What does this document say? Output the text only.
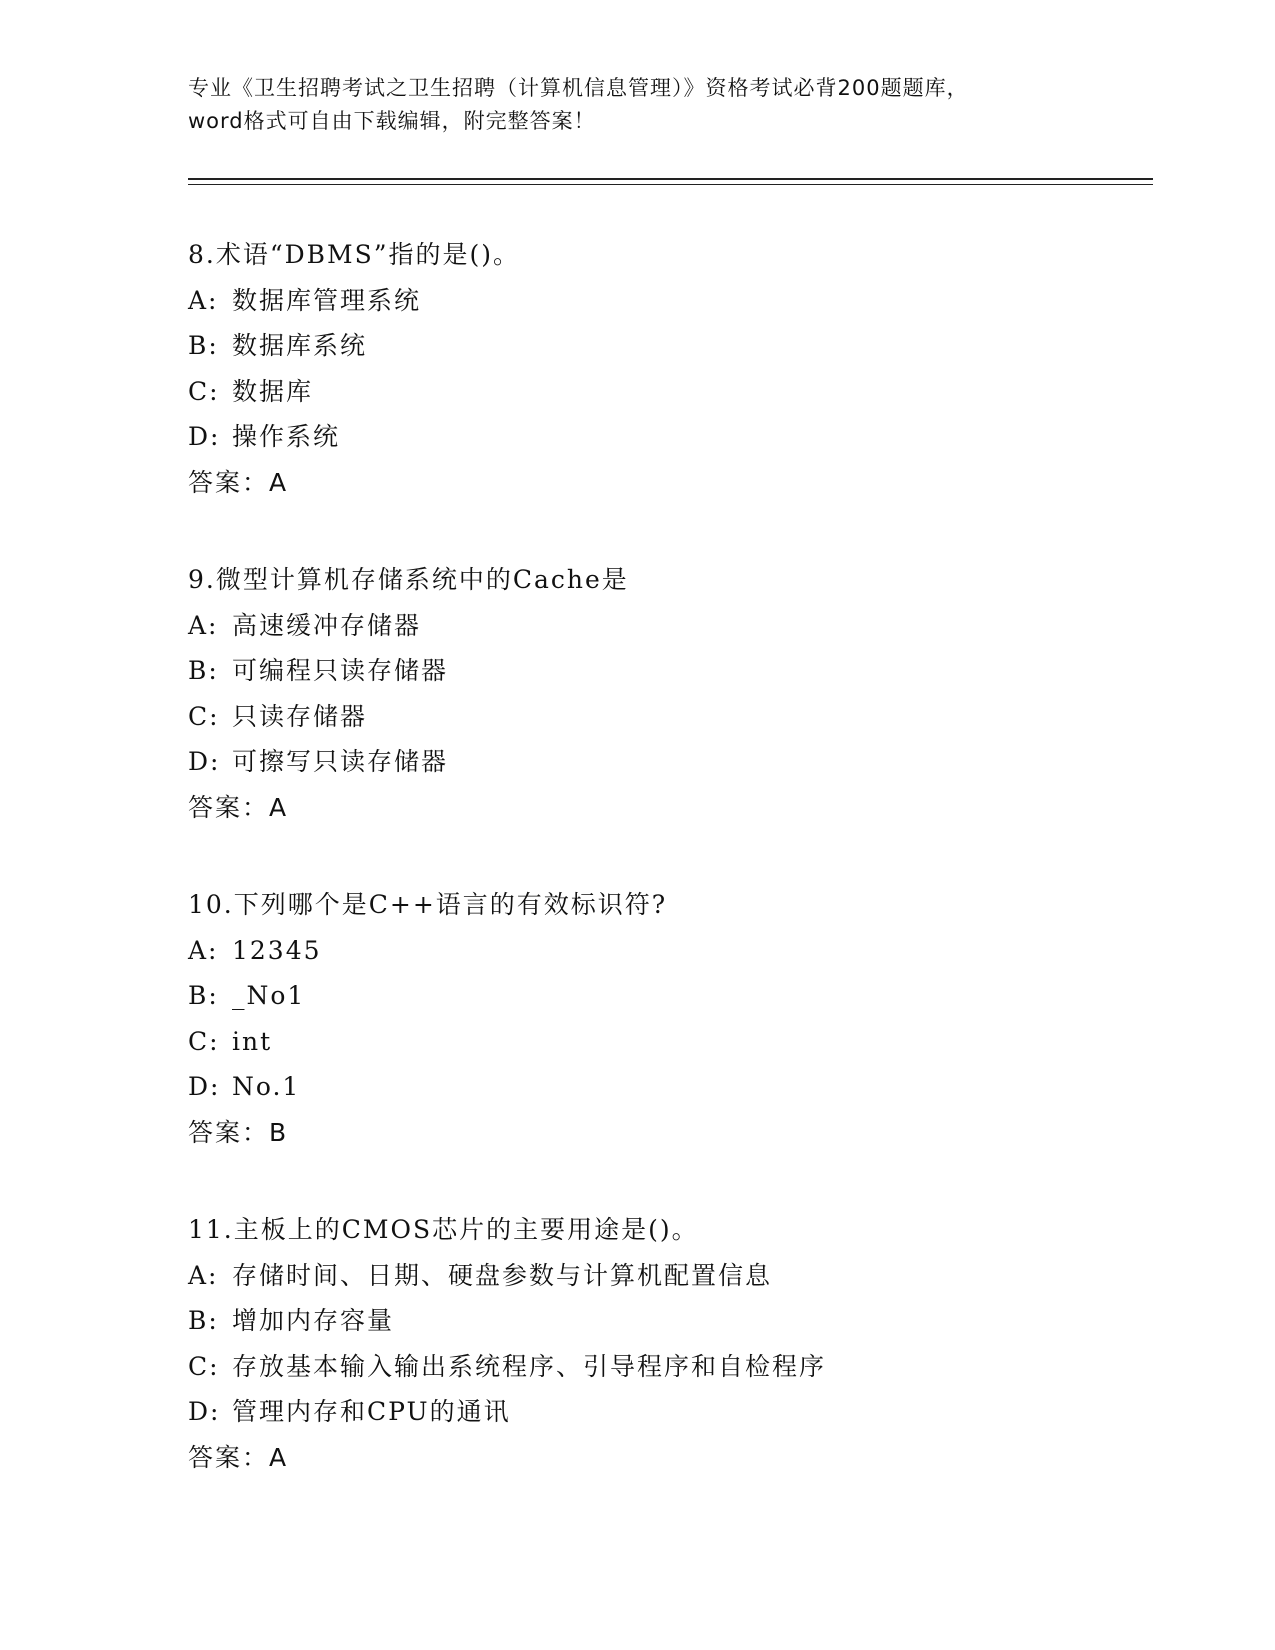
专业《卫生招聘考试之卫生招聘（计算机信息管理）》资格考试必背200题题库，
word格式可自由下载编辑，附完整答案！
8.术语“DBMS”指的是()。
A: 数据库管理系统
B: 数据库系统
C: 数据库
D: 操作系统
答案：A
9.微型计算机存储系统中的Cache是
A: 高速缓冲存储器
B: 可编程只读存储器
C: 只读存储器
D: 可擦写只读存储器
答案：A
10.下列哪个是C++语言的有效标识符?
A: 12345
B: _No1
C: int
D: No.1
答案：B
11.主板上的CMOS芯片的主要用途是()。
A: 存储时间、日期、硬盘参数与计算机配置信息
B: 增加内存容量
C: 存放基本输入输出系统程序、引导程序和自检程序
D: 管理内存和CPU的通讯
答案：A
